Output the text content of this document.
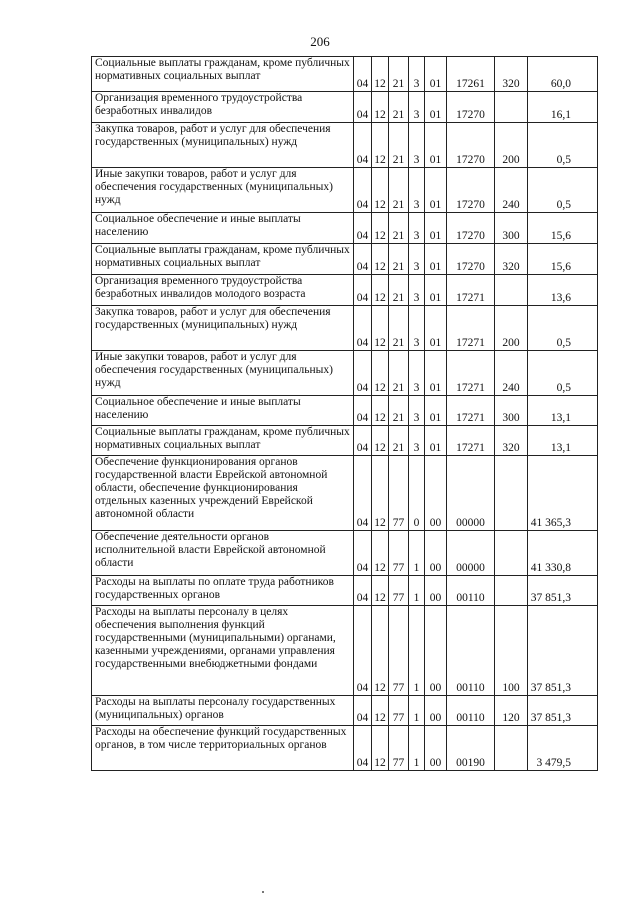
206
Социальные выплаты гражданам, кроме публичных нормативных социальных выплат	04	12	21	3	01	17261	320	60,0
Организация временного трудоустройства безработных инвалидов	04	12	21	3	01	17270		16,1
Закупка товаров, работ и услуг для обеспечения государственных (муниципальных) нужд	04	12	21	3	01	17270	200	0,5
Иные закупки товаров, работ и услуг для обеспечения государственных (муниципальных) нужд	04	12	21	3	01	17270	240	0,5
Социальное обеспечение и иные выплаты населению	04	12	21	3	01	17270	300	15,6
Социальные выплаты гражданам, кроме публичных нормативных социальных выплат	04	12	21	3	01	17270	320	15,6
Организация временного трудоустройства безработных инвалидов молодого возраста	04	12	21	3	01	17271		13,6
Закупка товаров, работ и услуг для обеспечения государственных (муниципальных) нужд	04	12	21	3	01	17271	200	0,5
Иные закупки товаров, работ и услуг для обеспечения государственных (муниципальных) нужд	04	12	21	3	01	17271	240	0,5
Социальное обеспечение и иные выплаты населению	04	12	21	3	01	17271	300	13,1
Социальные выплаты гражданам, кроме публичных нормативных социальных выплат	04	12	21	3	01	17271	320	13,1
Обеспечение функционирования органов государственной власти Еврейской автономной области, обеспечение функционирования отдельных казенных учреждений Еврейской автономной области	04	12	77	0	00	00000		41 365,3
Обеспечение деятельности органов исполнительной власти Еврейской автономной области	04	12	77	1	00	00000		41 330,8
Расходы на выплаты по оплате труда работников государственных органов	04	12	77	1	00	00110		37 851,3
Расходы на выплаты персоналу в целях обеспечения выполнения функций государственными (муниципальными) органами, казенными учреждениями, органами управления государственными внебюджетными фондами	04	12	77	1	00	00110	100	37 851,3
Расходы на выплаты персоналу государственных (муниципальных) органов	04	12	77	1	00	00110	120	37 851,3
Расходы на обеспечение функций государственных органов, в том числе территориальных органов	04	12	77	1	00	00190		3 479,5
